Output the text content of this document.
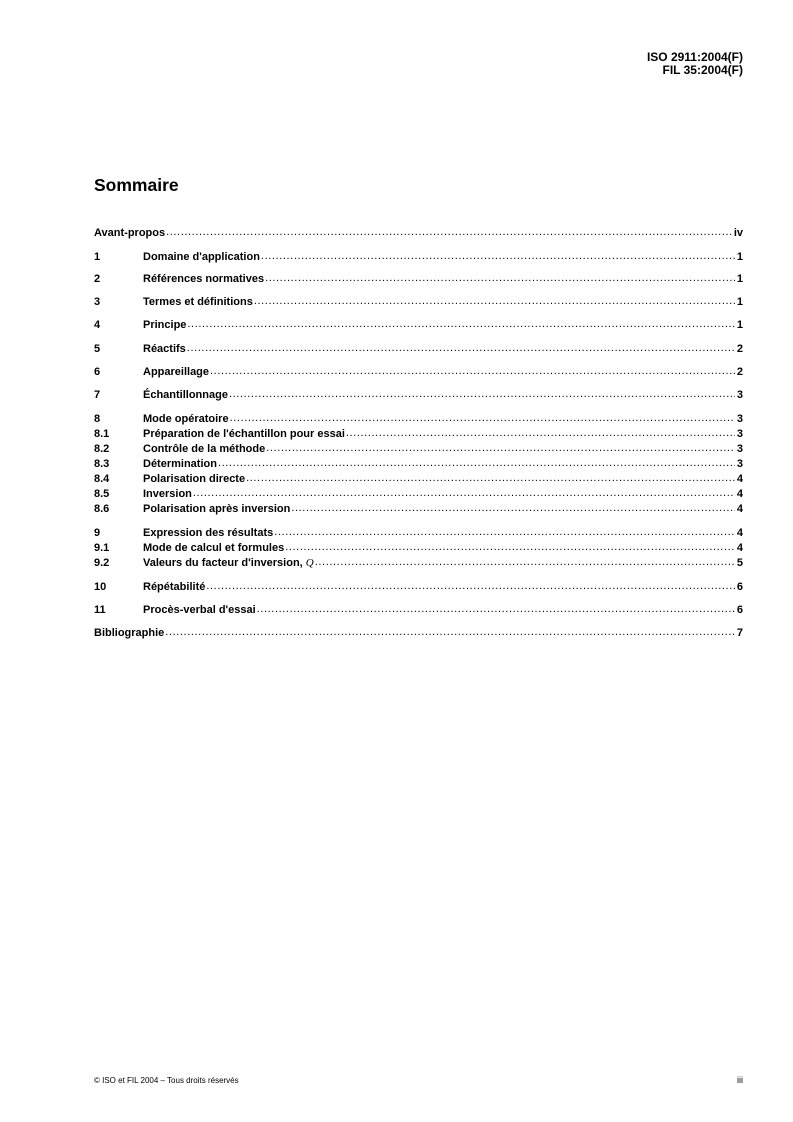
ISO 2911:2004(F)
FIL 35:2004(F)
Sommaire
Avant-propos .....	iv
1	Domaine d'application .....	1
2	Références normatives .....	1
3	Termes et définitions .....	1
4	Principe .....	1
5	Réactifs .....	2
6	Appareillage .....	2
7	Échantillonnage .....	3
8	Mode opératoire .....	3
8.1	Préparation de l'échantillon pour essai .....	3
8.2	Contrôle de la méthode .....	3
8.3	Détermination .....	3
8.4	Polarisation directe .....	4
8.5	Inversion .....	4
8.6	Polarisation après inversion .....	4
9	Expression des résultats .....	4
9.1	Mode de calcul et formules .....	4
9.2	Valeurs du facteur d'inversion, Q .....	5
10	Répétabilité .....	6
11	Procès-verbal d'essai .....	6
Bibliographie .....	7
© ISO et FIL 2004 – Tous droits réservés	iii
